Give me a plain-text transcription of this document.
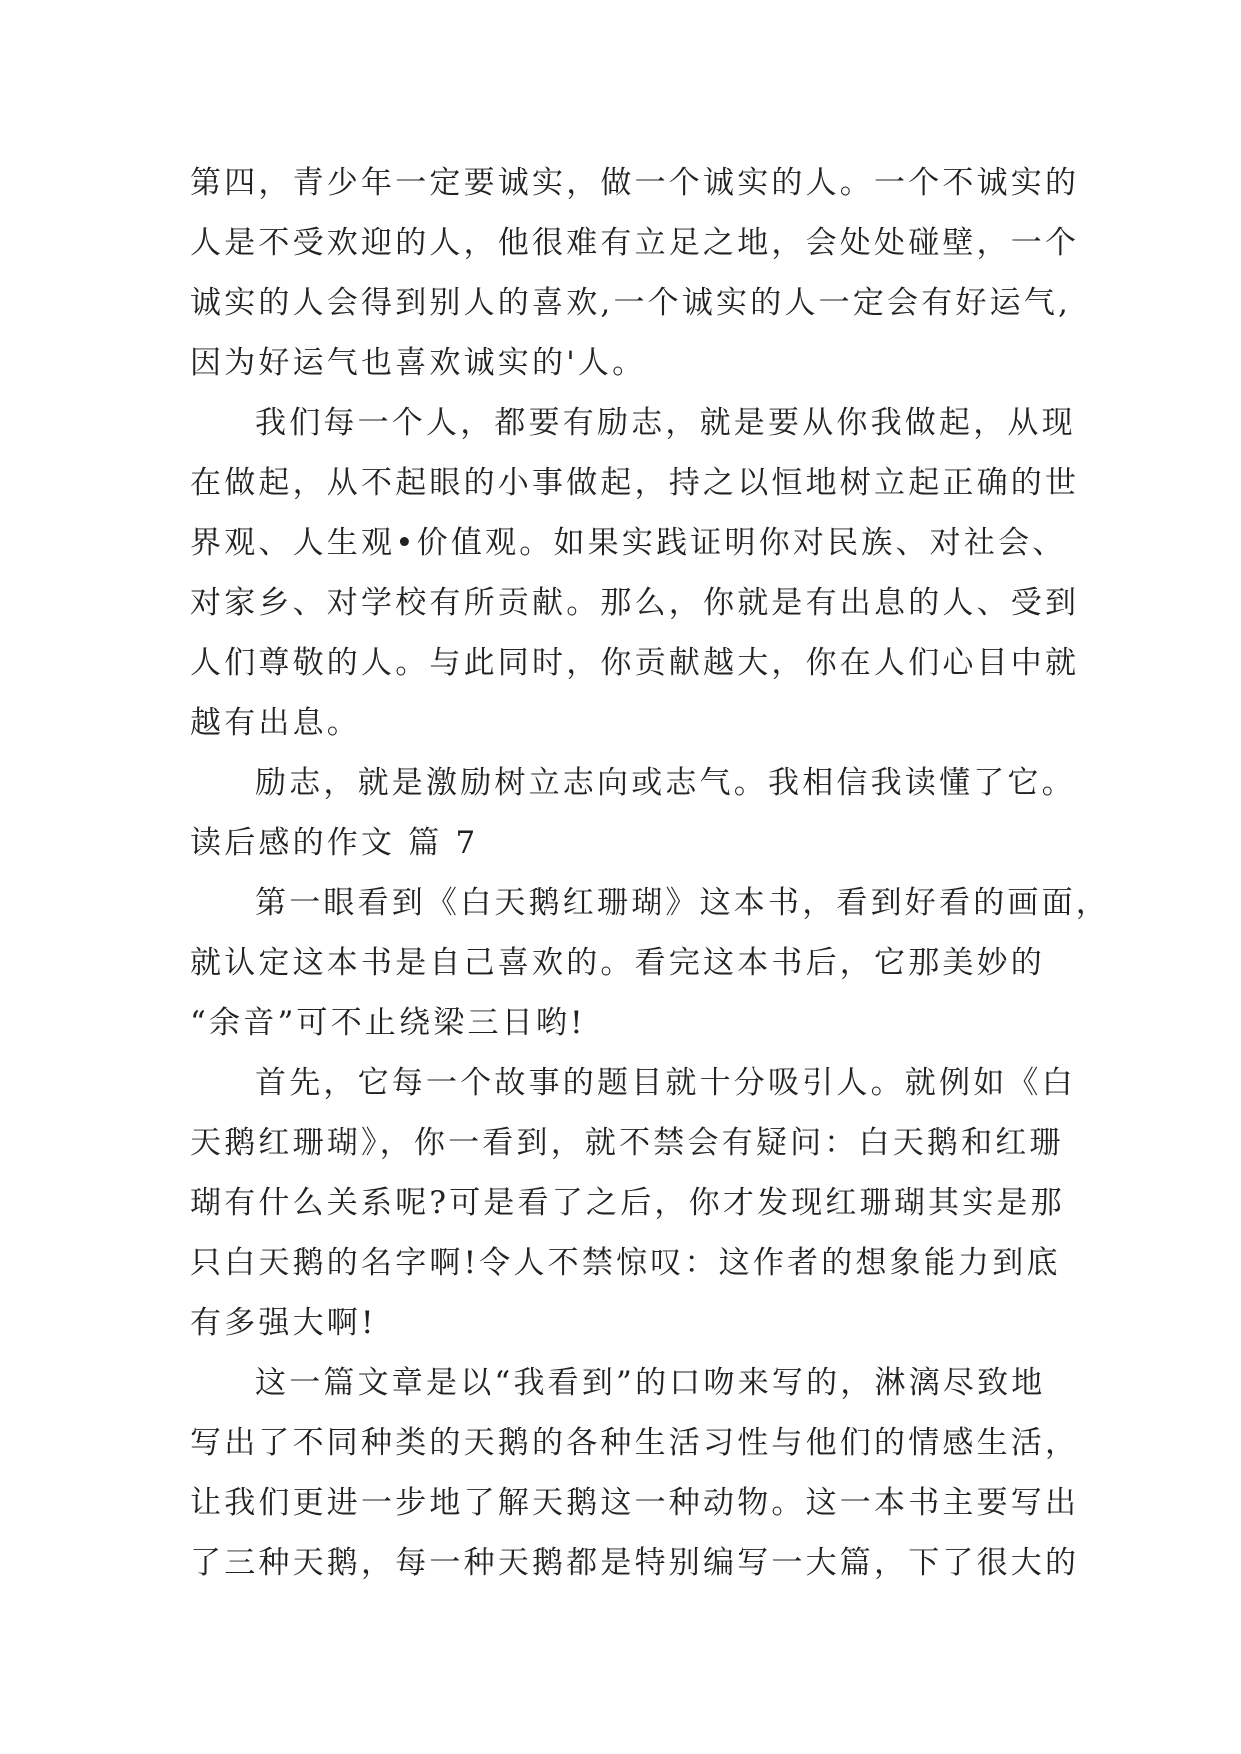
第四，青少年一定要诚实，做一个诚实的人。一个不诚实的
人是不受欢迎的人，他很难有立足之地，会处处碰壁，一个
诚实的人会得到别人的喜欢,一个诚实的人一定会有好运气,
因为好运气也喜欢诚实的'人。
我们每一个人，都要有励志，就是要从你我做起，从现
在做起，从不起眼的小事做起，持之以恒地树立起正确的世
界观、人生观•价值观。如果实践证明你对民族、对社会、
对家乡、对学校有所贡献。那么，你就是有出息的人、受到
人们尊敬的人。与此同时，你贡献越大，你在人们心目中就
越有出息。
励志，就是激励树立志向或志气。我相信我读懂了它。
读后感的作文 篇 7
第一眼看到《白天鹅红珊瑚》这本书，看到好看的画面，
就认定这本书是自己喜欢的。看完这本书后，它那美妙的
“余音”可不止绕梁三日哟!
首先，它每一个故事的题目就十分吸引人。就例如《白
天鹅红珊瑚》，你一看到，就不禁会有疑问：白天鹅和红珊
瑚有什么关系呢?可是看了之后，你才发现红珊瑚其实是那
只白天鹅的名字啊!令人不禁惊叹：这作者的想象能力到底
有多强大啊!
这一篇文章是以“我看到”的口吻来写的，淋漓尽致地
写出了不同种类的天鹅的各种生活习性与他们的情感生活，
让我们更进一步地了解天鹅这一种动物。这一本书主要写出
了三种天鹅，每一种天鹅都是特别编写一大篇，下了很大的
